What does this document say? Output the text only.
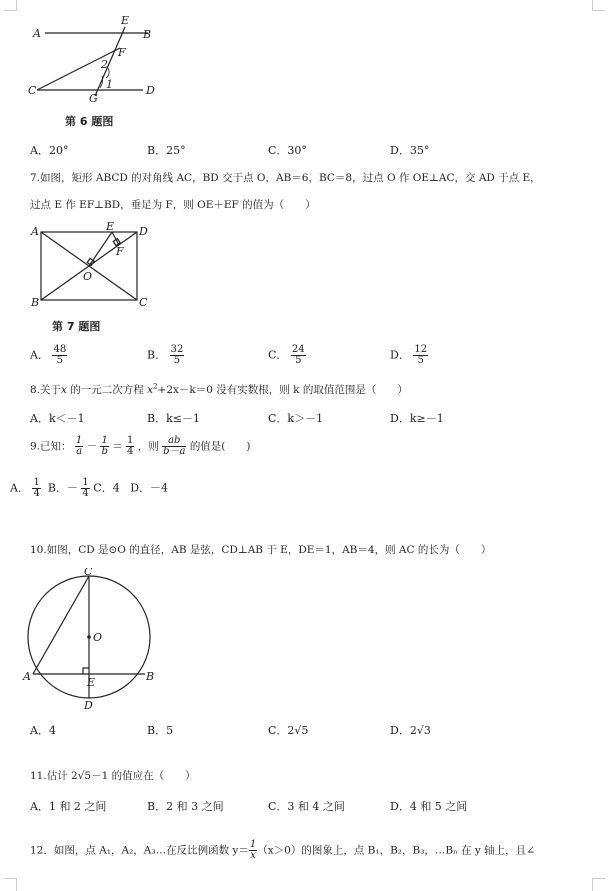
A
E
B
F
2
1
C
G
D
第 6 题图
A．20°	B．25°	C．30°	D．35°
7.如图，矩形 ABCD 的对角线 AC，BD 交于点 O，AB＝6，BC＝8，过点 O 作 OE⊥AC，交 AD 于点 E，
过点 E 作 EF⊥BD，垂足为 F，则 OE＋EF 的值为（　　）
A	E D
F
O
B	C
第 7 题图
A． $\frac{48}{5}$	B． $\frac{32}{5}$	C． $\frac{24}{5}$	D． $\frac{12}{5}$
8.关于x 的一元二次方程 $x^2+2x-k=0$ 没有实数根，则 k 的取值范围是（　　）
A．k＜－1	B．k≤－1	C．k＞－1	D．k≥－1
9.已知： $\frac{1}{a} - \frac{1}{b} = \frac{1}{4}$ ，则 $\frac{ab}{b-a}$ 的值是(　　)
A． $\frac{1}{4}$ B．－ $\frac{1}{4}$ C．4 D．－4
10.如图，CD 是⊙O 的直径，AB 是弦，CD⊥AB 于 E，DE＝1，AB＝4，则 AC 的长为（　　）
C
O
A	E	B
D
A．4	B．5	C．2√5	D．2√3
11.估计 2√5－1 的值应在（　　）
A．1 和 2 之间	B．2 和 3 之间	C．3 和 4 之间	D．4 和 5 之间
12．如图，点 A₁，A₂，A₃…在反比例函数 $y= \frac{1}{x} (x>0)$的图象上，点 B₁，B₂，B₃，…Bₙ 在 y 轴上，且∠
